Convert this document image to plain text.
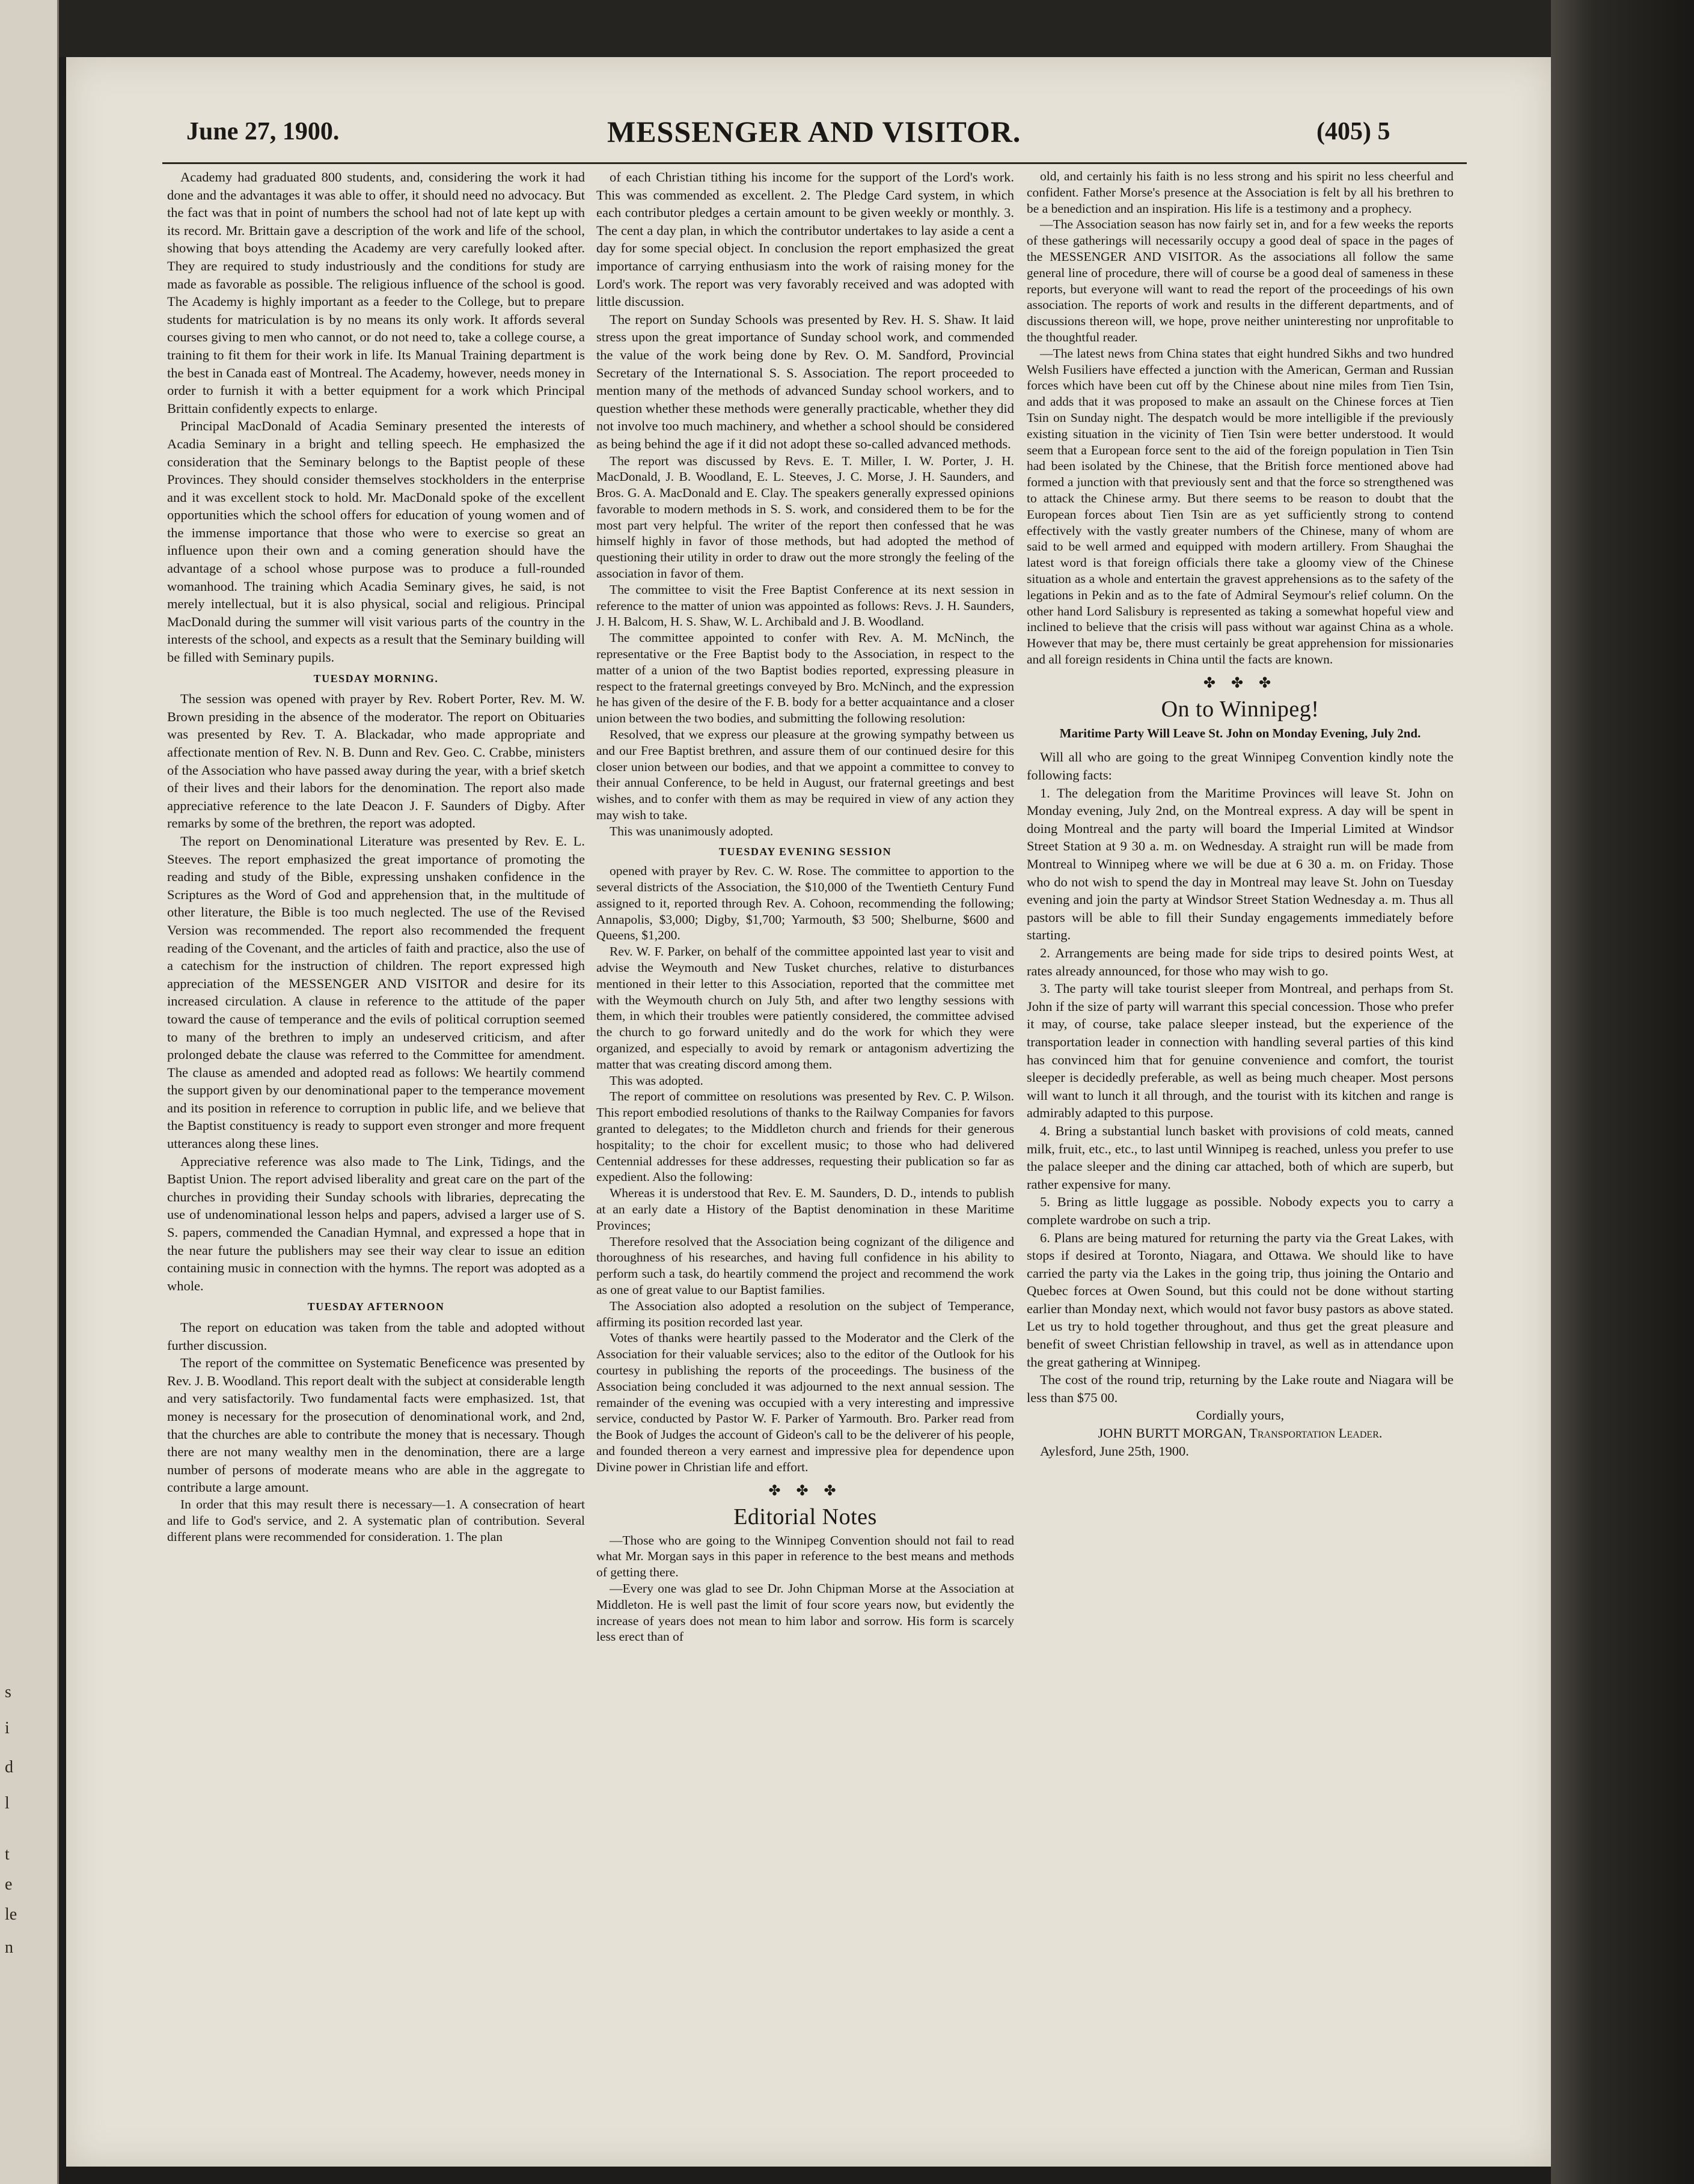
s
i
d
l
t
e
le
n
June 27, 1900.	MESSENGER AND VISITOR.	(405) 5

Academy had graduated 800 students, and, considering the work it had done and the advantages it was able to offer, it should need no advocacy. But the fact was that in point of numbers the school had not of late kept up with its record. Mr. Brittain gave a description of the work and life of the school, showing that boys attending the Academy are very carefully looked after. They are required to study industriously and the conditions for study are made as favorable as possible. The religious influence of the school is good. The Academy is highly important as a feeder to the College, but to prepare students for matriculation is by no means its only work. It affords several courses giving to men who cannot, or do not need to, take a college course, a training to fit them for their work in life. Its Manual Training department is the best in Canada east of Montreal. The Academy, however, needs money in order to furnish it with a better equipment for a work which Principal Brittain confidently expects to enlarge.

Principal MacDonald of Acadia Seminary presented the interests of Acadia Seminary in a bright and telling speech. He emphasized the consideration that the Seminary belongs to the Baptist people of these Provinces. They should consider themselves stockholders in the enterprise and it was excellent stock to hold. Mr. MacDonald spoke of the excellent opportunities which the school offers for education of young women and of the immense importance that those who were to exercise so great an influence upon their own and a coming generation should have the advantage of a school whose purpose was to produce a full-rounded womanhood. The training which Acadia Seminary gives, he said, is not merely intellectual, but it is also physical, social and religious. Principal MacDonald during the summer will visit various parts of the country in the interests of the school, and expects as a result that the Seminary building will be filled with Seminary pupils.

TUESDAY MORNING.

The session was opened with prayer by Rev. Robert Porter, Rev. M. W. Brown presiding in the absence of the moderator. The report on Obituaries was presented by Rev. T. A. Blackadar, who made appropriate and affectionate mention of Rev. N. B. Dunn and Rev. Geo. C. Crabbe, ministers of the Association who have passed away during the year, with a brief sketch of their lives and their labors for the denomination. The report also made appreciative reference to the late Deacon J. F. Saunders of Digby. After remarks by some of the brethren, the report was adopted.

The report on Denominational Literature was presented by Rev. E. L. Steeves. The report emphasized the great importance of promoting the reading and study of the Bible, expressing unshaken confidence in the Scriptures as the Word of God and apprehension that, in the multitude of other literature, the Bible is too much neglected. The use of the Revised Version was recommended. The report also recommended the frequent reading of the Covenant, and the articles of faith and practice, also the use of a catechism for the instruction of children. The report expressed high appreciation of the MESSENGER AND VISITOR and desire for its increased circulation. A clause in reference to the attitude of the paper toward the cause of temperance and the evils of political corruption seemed to many of the brethren to imply an undeserved criticism, and after prolonged debate the clause was referred to the Committee for amendment. The clause as amended and adopted read as follows: We heartily commend the support given by our denominational paper to the temperance movement and its position in reference to corruption in public life, and we believe that the Baptist constituency is ready to support even stronger and more frequent utterances along these lines.

Appreciative reference was also made to The Link, Tidings, and the Baptist Union. The report advised liberality and great care on the part of the churches in providing their Sunday schools with libraries, deprecating the use of undenominational lesson helps and papers, advised a larger use of S. S. papers, commended the Canadian Hymnal, and expressed a hope that in the near future the publishers may see their way clear to issue an edition containing music in connection with the hymns. The report was adopted as a whole.

TUESDAY AFTERNOON

The report on education was taken from the table and adopted without further discussion.

The report of the committee on Systematic Beneficence was presented by Rev. J. B. Woodland. This report dealt with the subject at considerable length and very satisfactorily. Two fundamental facts were emphasized. 1st, that money is necessary for the prosecution of denominational work, and 2nd, that the churches are able to contribute the money that is necessary. Though there are not many wealthy men in the denomination, there are a large number of persons of moderate means who are able in the aggregate to contribute a large amount.

In order that this may result there is necessary—1. A consecration of heart and life to God's service, and 2. A systematic plan of contribution. Several different plans were recommended for consideration. 1. The plan

of each Christian tithing his income for the support of the Lord's work. This was commended as excellent. 2. The Pledge Card system, in which each contributor pledges a certain amount to be given weekly or monthly. 3. The cent a day plan, in which the contributor undertakes to lay aside a cent a day for some special object. In conclusion the report emphasized the great importance of carrying enthusiasm into the work of raising money for the Lord's work. The report was very favorably received and was adopted with little discussion.

The report on Sunday Schools was presented by Rev. H. S. Shaw. It laid stress upon the great importance of Sunday school work, and commended the value of the work being done by Rev. O. M. Sandford, Provincial Secretary of the International S. S. Association. The report proceeded to mention many of the methods of advanced Sunday school workers, and to question whether these methods were generally practicable, whether they did not involve too much machinery, and whether a school should be considered as being behind the age if it did not adopt these so-called advanced methods.

The report was discussed by Revs. E. T. Miller, I. W. Porter, J. H. MacDonald, J. B. Woodland, E. L. Steeves, J. C. Morse, J. H. Saunders, and Bros. G. A. MacDonald and E. Clay. The speakers generally expressed opinions favorable to modern methods in S. S. work, and considered them to be for the most part very helpful. The writer of the report then confessed that he was himself highly in favor of those methods, but had adopted the method of questioning their utility in order to draw out the more strongly the feeling of the association in favor of them.

The committee to visit the Free Baptist Conference at its next session in reference to the matter of union was appointed as follows: Revs. J. H. Saunders, J. H. Balcom, H. S. Shaw, W. L. Archibald and J. B. Woodland.

The committee appointed to confer with Rev. A. M. McNinch, the representative or the Free Baptist body to the Association, in respect to the matter of a union of the two Baptist bodies reported, expressing pleasure in respect to the fraternal greetings conveyed by Bro. McNinch, and the expression he has given of the desire of the F. B. body for a better acquaintance and a closer union between the two bodies, and submitting the following resolution:

Resolved, that we express our pleasure at the growing sympathy between us and our Free Baptist brethren, and assure them of our continued desire for this closer union between our bodies, and that we appoint a committee to convey to their annual Conference, to be held in August, our fraternal greetings and best wishes, and to confer with them as may be required in view of any action they may wish to take.

This was unanimously adopted.

TUESDAY EVENING SESSION

opened with prayer by Rev. C. W. Rose. The committee to apportion to the several districts of the Association, the $10,000 of the Twentieth Century Fund assigned to it, reported through Rev. A. Cohoon, recommending the following; Annapolis, $3,000; Digby, $1,700; Yarmouth, $3 500; Shelburne, $600 and Queens, $1,200.

Rev. W. F. Parker, on behalf of the committee appointed last year to visit and advise the Weymouth and New Tusket churches, relative to disturbances mentioned in their letter to this Association, reported that the committee met with the Weymouth church on July 5th, and after two lengthy sessions with them, in which their troubles were patiently considered, the committee advised the church to go forward unitedly and do the work for which they were organized, and especially to avoid by remark or antagonism advertizing the matter that was creating discord among them.

This was adopted.

The report of committee on resolutions was presented by Rev. C. P. Wilson. This report embodied resolutions of thanks to the Railway Companies for favors granted to delegates; to the Middleton church and friends for their generous hospitality; to the choir for excellent music; to those who had delivered Centennial addresses for these addresses, requesting their publication so far as expedient. Also the following:

Whereas it is understood that Rev. E. M. Saunders, D. D., intends to publish at an early date a History of the Baptist denomination in these Maritime Provinces;

Therefore resolved that the Association being cognizant of the diligence and thoroughness of his researches, and having full confidence in his ability to perform such a task, do heartily commend the project and recommend the work as one of great value to our Baptist families.

The Association also adopted a resolution on the subject of Temperance, affirming its position recorded last year.

Votes of thanks were heartily passed to the Moderator and the Clerk of the Association for their valuable services; also to the editor of the Outlook for his courtesy in publishing the reports of the proceedings. The business of the Association being concluded it was adjourned to the next annual session. The remainder of the evening was occupied with a very interesting and impressive service, conducted by Pastor W. F. Parker of Yarmouth. Bro. Parker read from the Book of Judges the account of Gideon's call to be the deliverer of his people, and founded thereon a very earnest and impressive plea for dependence upon Divine power in Christian life and effort.

✤ ✤ ✤

Editorial Notes

—Those who are going to the Winnipeg Convention should not fail to read what Mr. Morgan says in this paper in reference to the best means and methods of getting there.

—Every one was glad to see Dr. John Chipman Morse at the Association at Middleton. He is well past the limit of four score years now, but evidently the increase of years does not mean to him labor and sorrow. His form is scarcely less erect than of

old, and certainly his faith is no less strong and his spirit no less cheerful and confident. Father Morse's presence at the Association is felt by all his brethren to be a benediction and an inspiration. His life is a testimony and a prophecy.

—The Association season has now fairly set in, and for a few weeks the reports of these gatherings will necessarily occupy a good deal of space in the pages of the MESSENGER AND VISITOR. As the associations all follow the same general line of procedure, there will of course be a good deal of sameness in these reports, but everyone will want to read the report of the proceedings of his own association. The reports of work and results in the different departments, and of discussions thereon will, we hope, prove neither uninteresting nor unprofitable to the thoughtful reader.

—The latest news from China states that eight hundred Sikhs and two hundred Welsh Fusiliers have effected a junction with the American, German and Russian forces which have been cut off by the Chinese about nine miles from Tien Tsin, and adds that it was proposed to make an assault on the Chinese forces at Tien Tsin on Sunday night. The despatch would be more intelligible if the previously existing situation in the vicinity of Tien Tsin were better understood. It would seem that a European force sent to the aid of the foreign population in Tien Tsin had been isolated by the Chinese, that the British force mentioned above had formed a junction with that previously sent and that the force so strengthened was to attack the Chinese army. But there seems to be reason to doubt that the European forces about Tien Tsin are as yet sufficiently strong to contend effectively with the vastly greater numbers of the Chinese, many of whom are said to be well armed and equipped with modern artillery. From Shaughai the latest word is that foreign officials there take a gloomy view of the Chinese situation as a whole and entertain the gravest apprehensions as to the safety of the legations in Pekin and as to the fate of Admiral Seymour's relief column. On the other hand Lord Salisbury is represented as taking a somewhat hopeful view and inclined to believe that the crisis will pass without war against China as a whole. However that may be, there must certainly be great apprehension for missionaries and all foreign residents in China until the facts are known.

✤ ✤ ✤

On to Winnipeg!

Maritime Party Will Leave St. John on Monday Evening, July 2nd.

Will all who are going to the great Winnipeg Convention kindly note the following facts:

1. The delegation from the Maritime Provinces will leave St. John on Monday evening, July 2nd, on the Montreal express. A day will be spent in doing Montreal and the party will board the Imperial Limited at Windsor Street Station at 9 30 a. m. on Wednesday. A straight run will be made from Montreal to Winnipeg where we will be due at 6 30 a. m. on Friday. Those who do not wish to spend the day in Montreal may leave St. John on Tuesday evening and join the party at Windsor Street Station Wednesday a. m. Thus all pastors will be able to fill their Sunday engagements immediately before starting.

2. Arrangements are being made for side trips to desired points West, at rates already announced, for those who may wish to go.

3. The party will take tourist sleeper from Montreal, and perhaps from St. John if the size of party will warrant this special concession. Those who prefer it may, of course, take palace sleeper instead, but the experience of the transportation leader in connection with handling several parties of this kind has convinced him that for genuine convenience and comfort, the tourist sleeper is decidedly preferable, as well as being much cheaper. Most persons will want to lunch it all through, and the tourist with its kitchen and range is admirably adapted to this purpose.

4. Bring a substantial lunch basket with provisions of cold meats, canned milk, fruit, etc., etc., to last until Winnipeg is reached, unless you prefer to use the palace sleeper and the dining car attached, both of which are superb, but rather expensive for many.

5. Bring as little luggage as possible. Nobody expects you to carry a complete wardrobe on such a trip.

6. Plans are being matured for returning the party via the Great Lakes, with stops if desired at Toronto, Niagara, and Ottawa. We should like to have carried the party via the Lakes in the going trip, thus joining the Ontario and Quebec forces at Owen Sound, but this could not be done without starting earlier than Monday next, which would not favor busy pastors as above stated. Let us try to hold together throughout, and thus get the great pleasure and benefit of sweet Christian fellowship in travel, as well as in attendance upon the great gathering at Winnipeg.

The cost of the round trip, returning by the Lake route and Niagara will be less than $75 00.

Cordially yours,

JOHN BURTT MORGAN, Transportation Leader.

Aylesford, June 25th, 1900.
